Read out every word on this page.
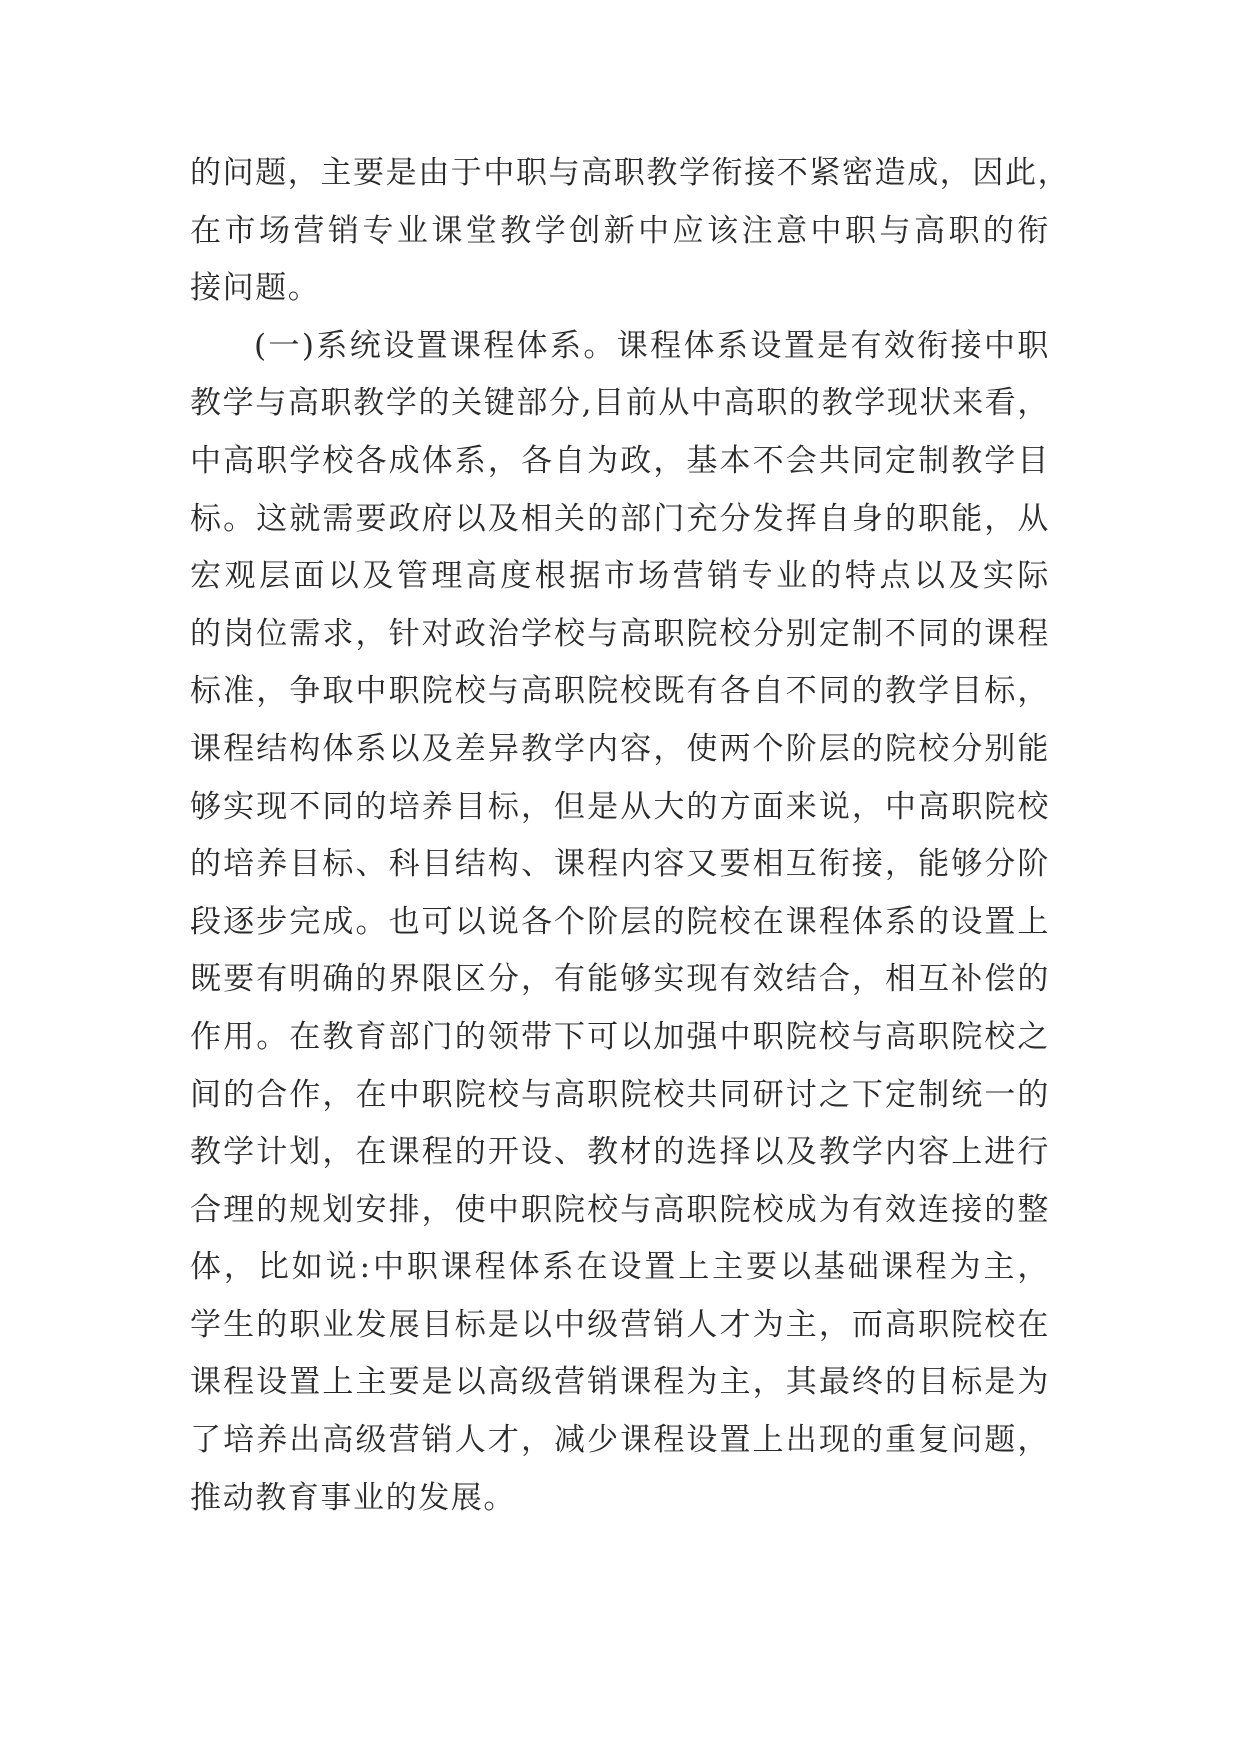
的问题，主要是由于中职与高职教学衔接不紧密造成，因此，
在市场营销专业课堂教学创新中应该注意中职与高职的衔
接问题。
(一)系统设置课程体系。课程体系设置是有效衔接中职
教学与高职教学的关键部分,目前从中高职的教学现状来看，
中高职学校各成体系，各自为政，基本不会共同定制教学目
标。这就需要政府以及相关的部门充分发挥自身的职能，从
宏观层面以及管理高度根据市场营销专业的特点以及实际
的岗位需求，针对政治学校与高职院校分别定制不同的课程
标准，争取中职院校与高职院校既有各自不同的教学目标，
课程结构体系以及差异教学内容，使两个阶层的院校分别能
够实现不同的培养目标，但是从大的方面来说，中高职院校
的培养目标、科目结构、课程内容又要相互衔接，能够分阶
段逐步完成。也可以说各个阶层的院校在课程体系的设置上
既要有明确的界限区分，有能够实现有效结合，相互补偿的
作用。在教育部门的领带下可以加强中职院校与高职院校之
间的合作，在中职院校与高职院校共同研讨之下定制统一的
教学计划，在课程的开设、教材的选择以及教学内容上进行
合理的规划安排，使中职院校与高职院校成为有效连接的整
体，比如说:中职课程体系在设置上主要以基础课程为主，
学生的职业发展目标是以中级营销人才为主，而高职院校在
课程设置上主要是以高级营销课程为主，其最终的目标是为
了培养出高级营销人才，减少课程设置上出现的重复问题，
推动教育事业的发展。
